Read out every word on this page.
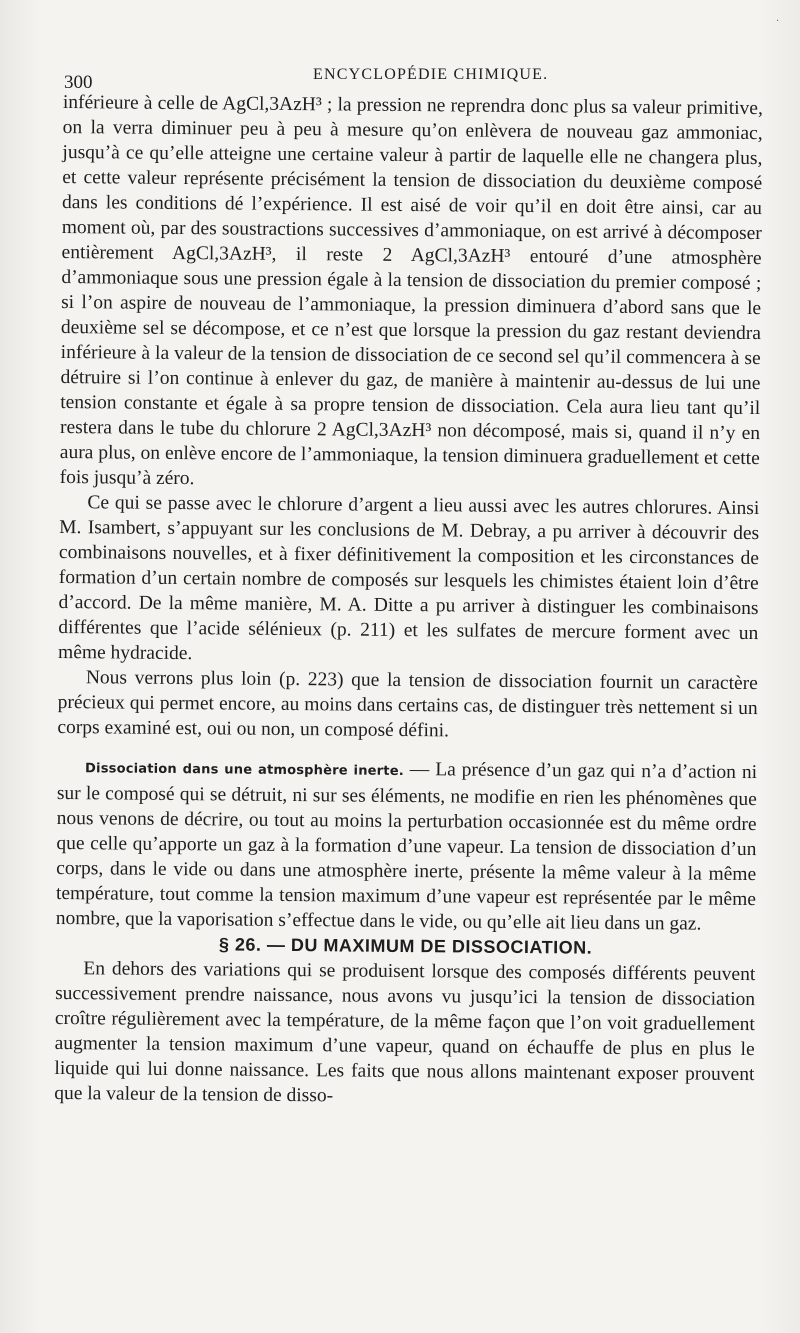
·
300	ENCYCLOPÉDIE CHIMIQUE.

inférieure à celle de AgCl,3AzH³ ; la pression ne reprendra donc plus sa valeur primitive, on la verra diminuer peu à peu à mesure qu’on enlèvera de nouveau gaz ammoniac, jusqu’à ce qu’elle atteigne une certaine valeur à partir de laquelle elle ne changera plus, et cette valeur représente précisément la tension de dissociation du deuxième composé dans les conditions dé l’expérience. Il est aisé de voir qu’il en doit être ainsi, car au moment où, par des soustractions successives d’ammoniaque, on est arrivé à décomposer entièrement AgCl,3AzH³, il reste 2 AgCl,3AzH³ entouré d’une atmosphère d’ammoniaque sous une pression égale à la tension de dissociation du premier composé ; si l’on aspire de nouveau de l’ammoniaque, la pression diminuera d’abord sans que le deuxième sel se décompose, et ce n’est que lorsque la pression du gaz restant deviendra inférieure à la valeur de la tension de dissociation de ce second sel qu’il commencera à se détruire si l’on continue à enlever du gaz, de manière à maintenir au-dessus de lui une tension constante et égale à sa propre tension de dissociation. Cela aura lieu tant qu’il restera dans le tube du chlorure 2 AgCl,3AzH³ non décomposé, mais si, quand il n’y en aura plus, on enlève encore de l’ammoniaque, la tension diminuera graduellement et cette fois jusqu’à zéro.

Ce qui se passe avec le chlorure d’argent a lieu aussi avec les autres chlorures. Ainsi M. Isambert, s’appuyant sur les conclusions de M. Debray, a pu arriver à découvrir des combinaisons nouvelles, et à fixer définitivement la composition et les circonstances de formation d’un certain nombre de composés sur lesquels les chimistes étaient loin d’être d’accord. De la même manière, M. A. Ditte a pu arriver à distinguer les combinaisons différentes que l’acide sélénieux (p. 211) et les sulfates de mercure forment avec un même hydracide.

Nous verrons plus loin (p. 223) que la tension de dissociation fournit un caractère précieux qui permet encore, au moins dans certains cas, de distinguer très nettement si un corps examiné est, oui ou non, un composé défini.

Dissociation dans une atmosphère inerte. — La présence d’un gaz qui n’a d’action ni sur le composé qui se détruit, ni sur ses éléments, ne modifie en rien les phénomènes que nous venons de décrire, ou tout au moins la perturbation occasionnée est du même ordre que celle qu’apporte un gaz à la formation d’une vapeur. La tension de dissociation d’un corps, dans le vide ou dans une atmosphère inerte, présente la même valeur à la même température, tout comme la tension maximum d’une vapeur est représentée par le même nombre, que la vaporisation s’effectue dans le vide, ou qu’elle ait lieu dans un gaz.

§ 26. — DU MAXIMUM DE DISSOCIATION.

En dehors des variations qui se produisent lorsque des composés différents peuvent successivement prendre naissance, nous avons vu jusqu’ici la tension de dissociation croître régulièrement avec la température, de la même façon que l’on voit graduellement augmenter la tension maximum d’une vapeur, quand on échauffe de plus en plus le liquide qui lui donne naissance. Les faits que nous allons maintenant exposer prouvent que la valeur de la tension de disso-
